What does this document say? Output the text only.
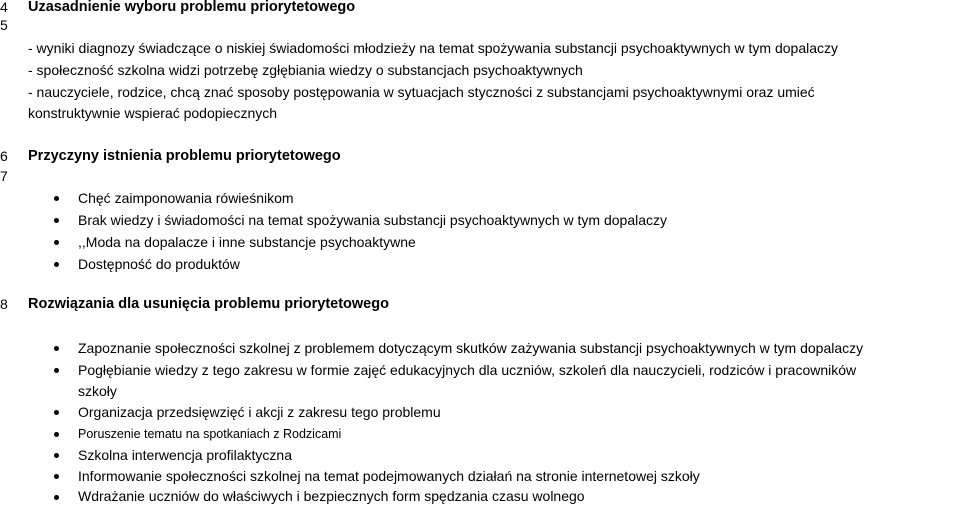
4
5
Uzasadnienie wyboru problemu priorytetowego
- wyniki diagnozy świadczące o niskiej świadomości młodzieży na temat spożywania substancji psychoaktywnych w tym dopalaczy
- społeczność szkolna widzi potrzebę zgłębiania wiedzy o substancjach psychoaktywnych
- nauczyciele, rodzice, chcą znać sposoby postępowania w sytuacjach styczności z substancjami psychoaktywnymi oraz umieć
konstruktywnie wspierać podopiecznych
6
7
Przyczyny istnienia problemu priorytetowego
Chęć zaimponowania rówieśnikom
Brak wiedzy i świadomości na temat spożywania substancji psychoaktywnych w tym dopalaczy
,,Moda na dopalacze i inne substancje psychoaktywne
Dostępność do produktów
8 Rozwiązania dla usunięcia problemu priorytetowego
Zapoznanie społeczności szkolnej z problemem dotyczącym skutków zażywania substancji psychoaktywnych w tym dopalaczy
Pogłębianie wiedzy z tego zakresu w formie zajęć edukacyjnych dla uczniów, szkoleń dla nauczycieli, rodziców i pracowników
szkoły
Organizacja przedsięwzięć i akcji z zakresu tego problemu
Poruszenie tematu na spotkaniach z Rodzicami
Szkolna interwencja profilaktyczna
Informowanie społeczności szkolnej na temat podejmowanych działań na stronie internetowej szkoły
Wdrażanie uczniów do właściwych i bezpiecznych form spędzania czasu wolnego
